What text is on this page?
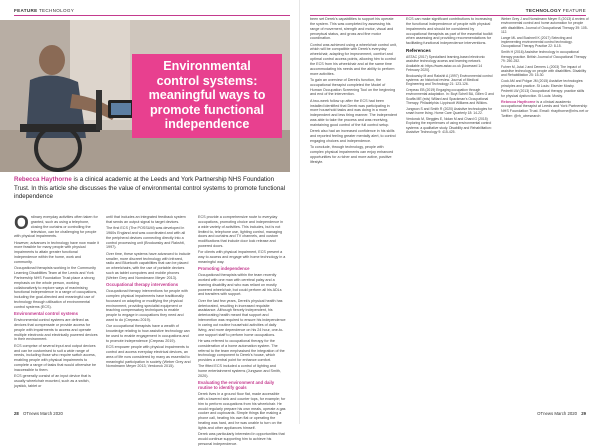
FEATURE TECHNOLOGY
Environmental
control systems:
meaningful ways to
promote functional
independence
Rebecca Haythorne is a clinical academic at the Leeds and York Partnership NHS Foundation Trust. In this article she discusses the value of environmental control systems to promote functional independence

Ordinary everyday activities often taken for granted, such as using a telephone, closing the curtains or controlling the television, can be challenging for people with physical impairments.

However, advances in technology have now made it more feasible for many people with physical impairments to attain greater functional independence within the home, work and community.

Occupational therapists working in the Community Learning Disabilities Team at the Leeds and York Partnership NHS Foundation Trust place a strong emphasis on the whole person, working collaboratively to explore ways of maximising functional independence in a range of occupations, including the goal-directed and meaningful use of technology through utilisation of environmental control systems (ECS).

Environmental control systems

Environmental control systems are defined as devices that compensate or provide access for people with impairments to access and operate multiple electronic and electrically powered devices in their environment.

ECS comprise of several input and output devices and can be customised to suit a wide range of needs, including those who require switch access, enabling people with physical impairments to complete a range of tasks that would otherwise be inaccessible to them.

ECS generally consist of an input device that is usually wheelchair mounted, such as a switch, joystick, tablet or

until that includes an integrated feedback system that sends an output signal to target devices.

The first ECS (The POSSUM) was developed in 1960s England and was coordinated and with all the peripheral devices connecting directly into a control processing unit (Brodowsky and Rakshit, 1997).

Over time, these systems have advanced to include smaller, more discreet technology with infrared, radio and Bluetooth capabilities that can be placed on wheelchairs, with the use of portable devices such as tablet computers and mobile phones (Weber Grey and Nomdmann Meyer 2013).

Occupational therapy interventions

Occupational therapy interventions for people with complex physical impairments have traditionally focussed on adapting or modifying the physical environment, providing specialist equipment or teaching compensatory techniques to enable people to engage in occupations they need and want to do (Crepeau 2019).

Our occupational therapists have a wealth of knowledge relating to how assistive technology can be used to enable engagement in occupations and to promote independence (Crepeau 2019).

ECS empower people with physical impairments to control and access everyday electrical devices, an area of life now considered by many as essential to meaningful participation in society (Weber Grey and Nomdmann Meyer 2013; Verdonck 2015).

28 OTnews March 2020
TECHNOLOGY FEATURE

been set Derek's capabilities to support his operate the system. This was completed by assessing his range of movement, strength and motor, visual and perceptual status, and gross and fine motor coordination.

Control was achieved using a wheelchair control unit, which will be compatible with Derek's everyday wheelchair, adapting for improvement, comfort and optimal control access points, allowing him to control the ECS from his wheelchair and at the same time accommodating his needs and the ability to perform more activities.

To gain an overview of Derek's function, the occupational therapist completed the Model of Human Occupation Screening Tool on the beginning and end of the intervention.

A two-week follow up after the ECS had been installed identified that Derek was participating in more household tasks and was doing in a more independent and less tiring manner. The independent was able to take the process and was receiving, maintaining good control of the full control setup.

Derek also had an increased confidence in his skills and reported feeling greater mentally alert, to control engaging choices and independence.

To conclude, through technology, people with complex physical impairments can enjoy enhanced opportunities for a richer and more active, positive lifestyle.

ECS can make significant contributions to increasing the functional independence of people with physical impairments and should be considered by occupational therapists as part of the essential toolkit when assessing and providing recommendations for facilitating functional independence interventions.

References

ASTAC (2017) Specialised learning-based electronic assistive technology access and learning network. Available at: https://www.astac.co.uk [Accessed 14 February 2020].

Brodowsky M and Rakshit A (1997) Environmental control systems: an historical review. Journal of Medical Engineering and Technology 21: 123-126.

Crepeau EB (2019) Engaging occupation through environmental adaptation. In: Boyt Schell BA, Gillen G and Scaffa ME (eds) Willard and Spackman's Occupational Therapy. Philadelphia: Lippincott Williams and Wilkins.

Jungwon S and Smith R (2020) Assistive technologies for smart home living. Home Care Quarterly 18: 14-22.

Verdonck M, Steggles E, Nolan M and Chard G (2015) Exploring the experiences of using environmental control systems: a qualitative study. Disability and Rehabilitation: Assistive Technology 9: 415-425.

Weber Grey J and Nomdmann Meyer S (2013) A review of environmental control and home automation for people with disabilities. Journal of Occupational Therapy 39: 105-112.

Lange ML and Bushnell K (2017) Selecting and implementing environmental control technology. Occupational Therapy Practice 22: 8-15.

Smith H (2016) Assistive technology in occupational therapy practice. British Journal of Occupational Therapy 79: 250-252.

Fuhrer M, Jutai J and Demers L (2003) The impact of assistive technology on people with disabilities. Disability and Rehabilitation 25: 15-30.

Cook AM and Polgar JM (2015) Assistive technologies: principles and practice. St Louis: Elsevier Mosby.

Pedretti LW (2013) Occupational therapy: practice skills for physical dysfunction. St Louis: Mosby.

Rebecca Haythorne is a clinical academic occupational therapist at Leeds and York Partnership NHS Foundation Trust. Email: rhaythorne@nhs.net or Twitter: @rh_otresearch

OTnews March 2020 29

ECS provide a comprehensive route to everyday occupations, promoting choice and independence in a wide variety of activities. This includes, but is not limited to, telephone use, lighting control, managing doors and curtains and TV channels, and custom modifications that include door lock release and powered doors.

For clients with physical impairment, ECS present a way to access and engage with home technology in a meaningful way.

Promoting independence

Occupational therapists within the team recently worked with one man with cerebral palsy and a learning disability and who was reliant on mostly powered wheelchair, but could perform all his ADLs and transfers with support.

Over the last few years, Derek's physical health has deteriorated, resulting in increased requisite assistance. Although fiercely independent, his deteriorating health meant that support and intervention was required to ensure his independence in caring out routine household activities of daily living, and more dependence on his 24 hour, one-to-one support staff to perform home occupations.

He was referred to occupational therapy for the consideration of a home automation system. The referral to the team emphasised the integration of the technology component to Derek's house, which provides a central point for enhance comfort.

The fitted ECS included a control of lighting and home entertainment systems (Jungwon and Smith, 2020).

Evaluating the environment and daily routine to identify goals

Derek lives in a ground floor flat, made accessible with a lowered sink and counter tops, for example; for him to perform occupations from his wheelchair. He would regularly prepare his own meals, operate a gas cooker and cupboards. Simple things like making a phone call, heating his own flat or operating the heating was hard, and he was unable to turn on the lights and other appliances himself.

Derek was particularly interested in opportunities that would continue supporting him to achieve his personal independence.
